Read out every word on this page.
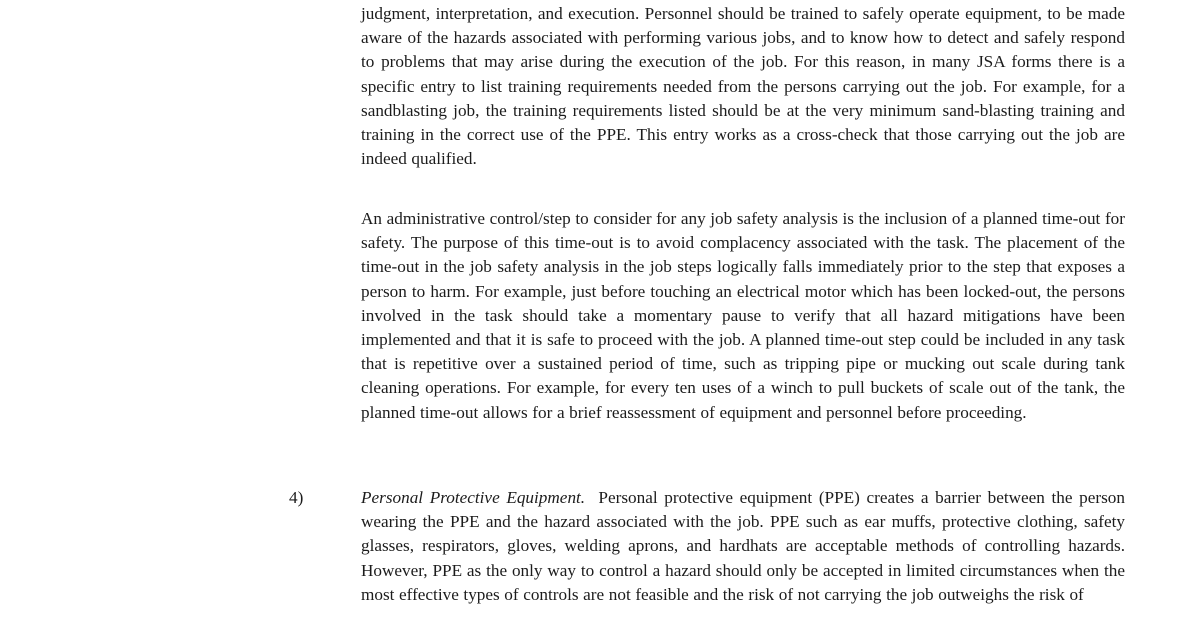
judgment, interpretation, and execution. Personnel should be trained to safely operate equipment, to be made aware of the hazards associated with performing various jobs, and to know how to detect and safely respond to problems that may arise during the execution of the job. For this reason, in many JSA forms there is a specific entry to list training requirements needed from the persons carrying out the job. For example, for a sandblasting job, the training requirements listed should be at the very minimum sand-blasting training and training in the correct use of the PPE. This entry works as a cross-check that those carrying out the job are indeed qualified.

An administrative control/step to consider for any job safety analysis is the inclusion of a planned time-out for safety. The purpose of this time-out is to avoid complacency associated with the task. The placement of the time-out in the job safety analysis in the job steps logically falls immediately prior to the step that exposes a person to harm. For example, just before touching an electrical motor which has been locked-out, the persons involved in the task should take a momentary pause to verify that all hazard mitigations have been implemented and that it is safe to proceed with the job. A planned time-out step could be included in any task that is repetitive over a sustained period of time, such as tripping pipe or mucking out scale during tank cleaning operations. For example, for every ten uses of a winch to pull buckets of scale out of the tank, the planned time-out allows for a brief reassessment of equipment and personnel before proceeding.

4)	Personal Protective Equipment. Personal protective equipment (PPE) creates a barrier between the person wearing the PPE and the hazard associated with the job. PPE such as ear muffs, protective clothing, safety glasses, respirators, gloves, welding aprons, and hardhats are acceptable methods of controlling hazards. However, PPE as the only way to control a hazard should only be accepted in limited circumstances when the most effective types of controls are not feasible and the risk of not carrying the job outweighs the risk of
